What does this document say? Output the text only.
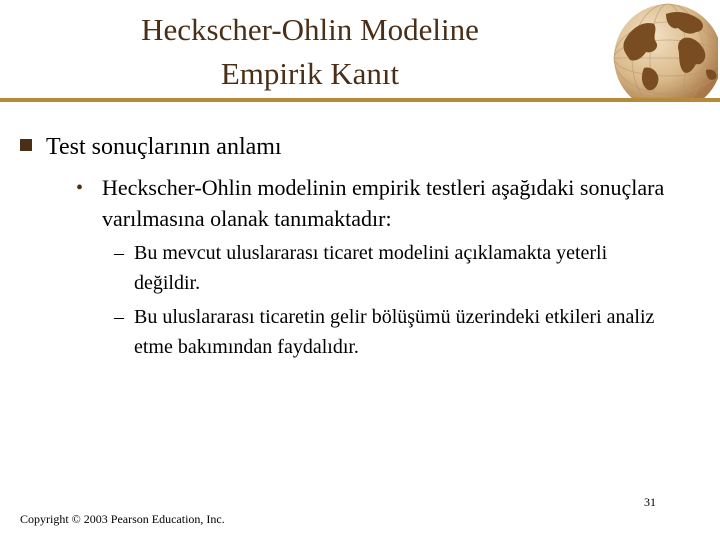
Heckscher-Ohlin Modeline
Empirik Kanıt
Test sonuçlarının anlamı
• Heckscher-Ohlin modelinin empirik testleri aşağıdaki sonuçlara varılmasına olanak tanımaktadır:
– Bu mevcut uluslararası ticaret modelini açıklamakta yeterli değildir.
– Bu uluslararası ticaretin gelir bölüşümü üzerindeki etkileri analiz etme bakımından faydalıdır.
31
Copyright © 2003 Pearson Education, Inc.
